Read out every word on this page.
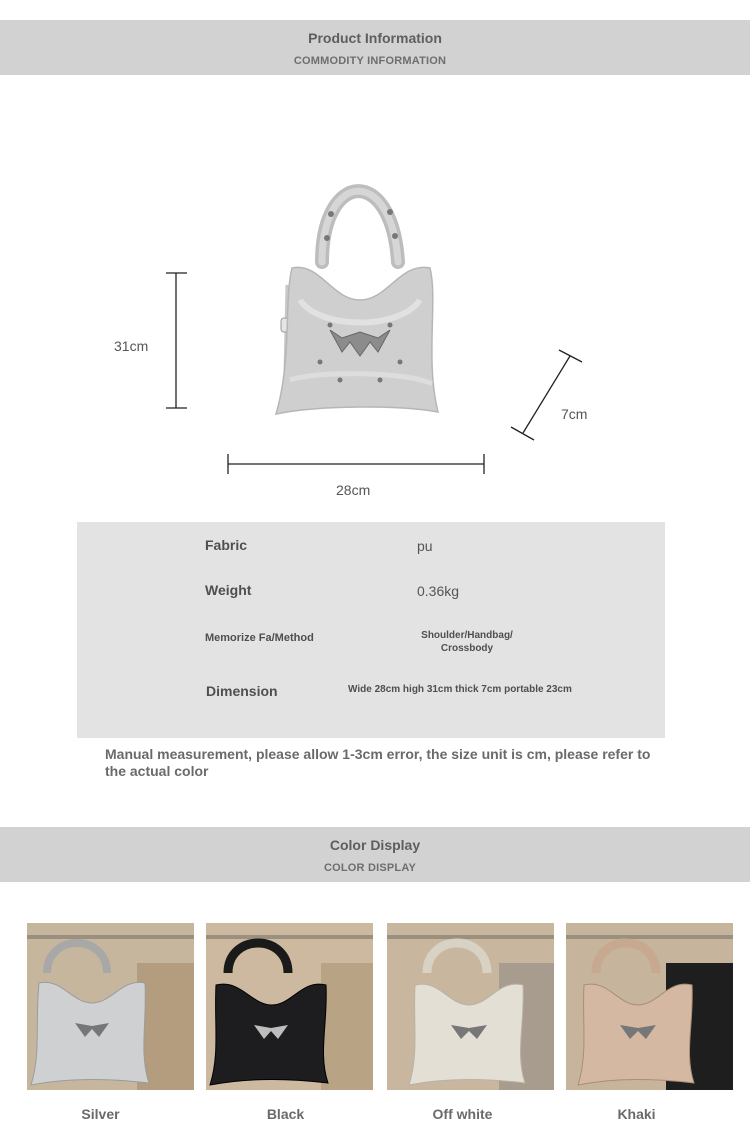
Product Information
COMMODITY INFORMATION
31cm
7cm
28cm
Fabric	pu
Weight	0.36kg
Memorize Fa/Method	Shoulder/Handbag/
Crossbody
Dimension	Wide 28cm high 31cm thick 7cm portable 23cm
Manual measurement, please allow 1-3cm error, the size unit is cm, please refer to the actual color
Color Display
COLOR DISPLAY
Silver	Black	Off white	Khaki
